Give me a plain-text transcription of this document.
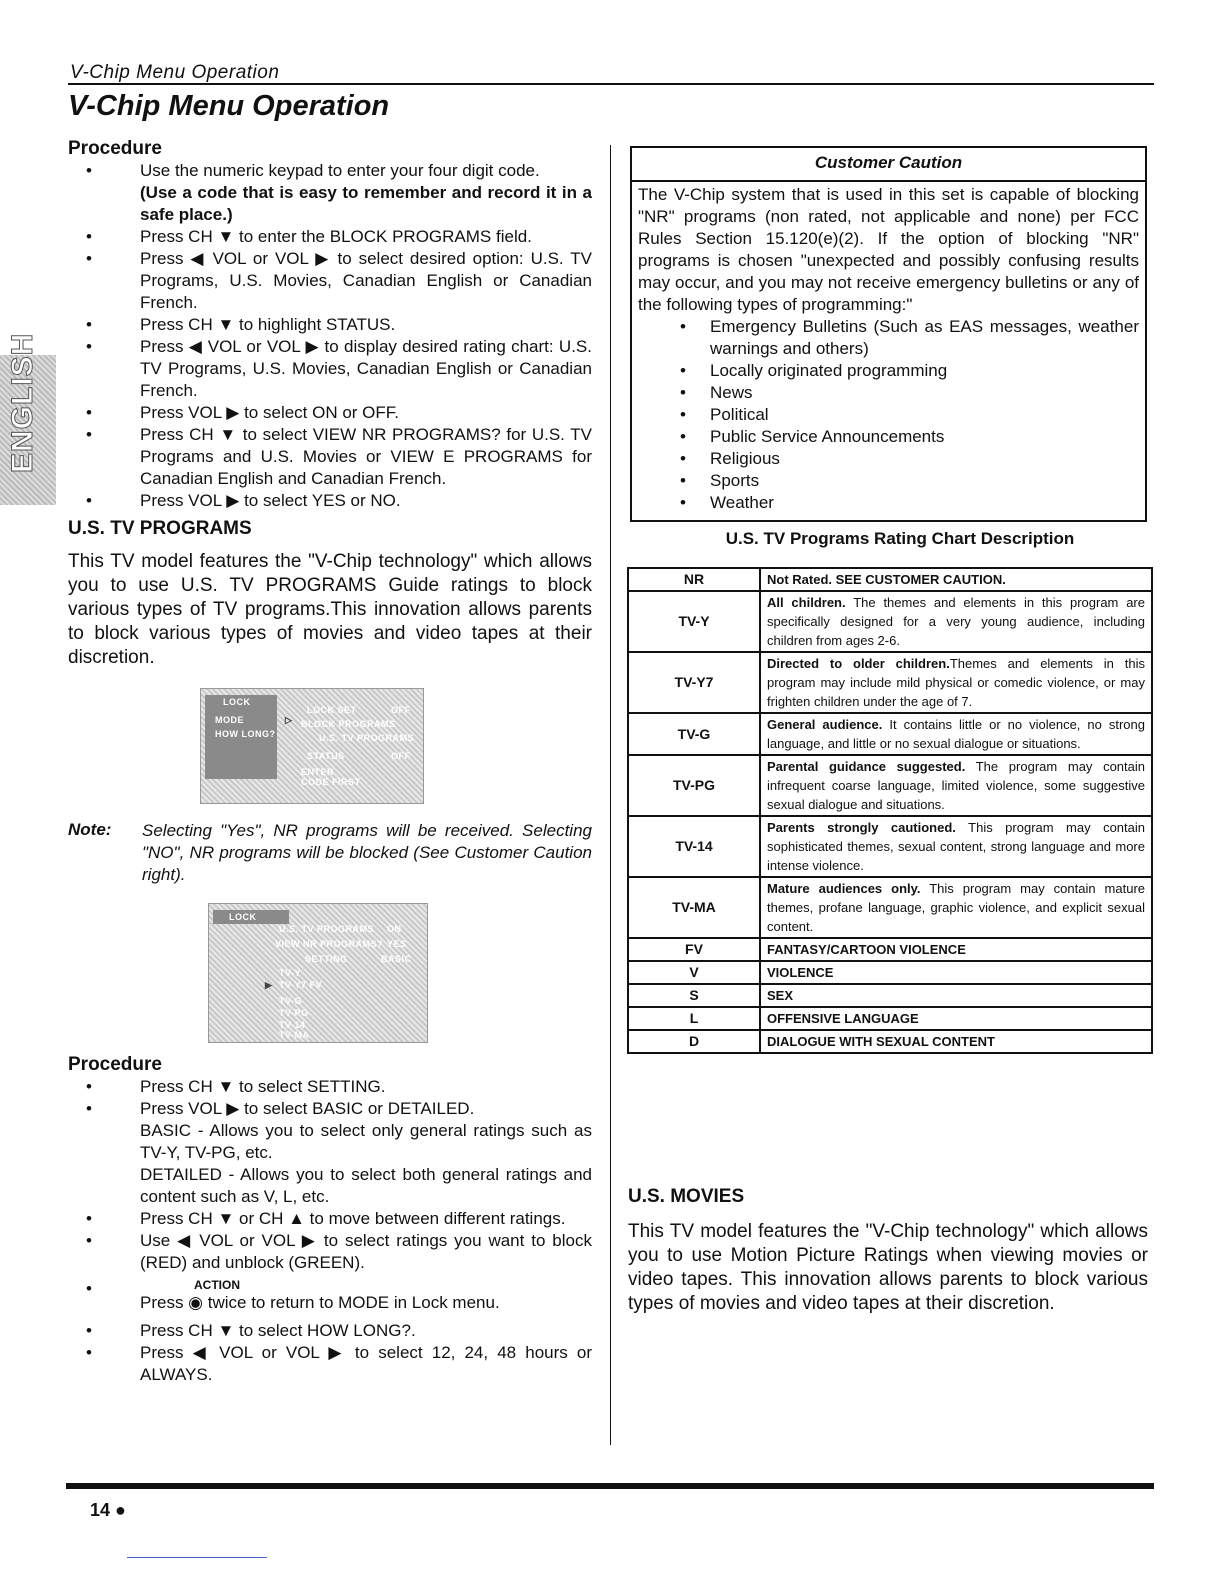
V-Chip Menu Operation
V-Chip Menu Operation
ENGLISH
Procedure
• Use the numeric keypad to enter your four digit code.
(Use a code that is easy to remember and record it in a safe place.)
• Press CH ▼ to enter the BLOCK PROGRAMS field.
• Press ◀ VOL or VOL ▶ to select desired option: U.S. TV Programs, U.S. Movies, Canadian English or Canadian French.
• Press CH ▼ to highlight STATUS.
• Press ◀ VOL or VOL ▶ to display desired rating chart: U.S. TV Programs, U.S. Movies, Canadian English or Canadian French.
• Press VOL ▶ to select ON or OFF.
• Press CH ▼ to select VIEW NR PROGRAMS? for U.S. TV Programs and U.S. Movies or VIEW E PROGRAMS for Canadian English and Canadian French.
• Press VOL ▶ to select YES or NO.
U.S. TV PROGRAMS
This TV model features the "V-Chip technology" which allows you to use U.S. TV PROGRAMS Guide ratings to block various types of TV programs.This innovation allows parents to block various types of movies and video tapes at their discretion.
LOCK
MODE
HOW LONG?
▷
LOCK SET	OFF
BLOCK PROGRAMS
U.S. TV PROGRAMS
STATUS	OFF
ENTER CODE FIRST
Note: Selecting "Yes", NR programs will be received. Selecting "NO", NR programs will be blocked (See Customer Caution right).
LOCK
U.S. TV PROGRAMS ON
VIEW NR PROGRAMS? YES
SETTING	BASIC
TV-Y
▶ TV-Y7 FV
TV-G
TV-PG
TV-14
TV-MA
Procedure
• Press CH ▼ to select SETTING.
• Press VOL ▶ to select BASIC or DETAILED.
BASIC - Allows you to select only general ratings such as TV-Y, TV-PG, etc.
DETAILED - Allows you to select both general ratings and content such as V, L, etc.
• Press CH ▼ or CH ▲ to move between different ratings.
• Use ◀ VOL or VOL ▶ to select ratings you want to block (RED) and unblock (GREEN).
• ACTION
Press ◉ twice to return to MODE in Lock menu.
• Press CH ▼ to select HOW LONG?.
• Press ◀ VOL or VOL ▶ to select 12, 24, 48 hours or ALWAYS.
Customer Caution
The V-Chip system that is used in this set is capable of blocking "NR" programs (non rated, not applicable and none) per FCC Rules Section 15.120(e)(2). If the option of blocking "NR" programs is chosen "unexpected and possibly confusing results may occur, and you may not receive emergency bulletins or any of the following types of programming:"
• Emergency Bulletins (Such as EAS messages, weather warnings and others)
• Locally originated programming
• News
• Political
• Public Service Announcements
• Religious
• Sports
• Weather
U.S. TV Programs Rating Chart Description
NR	Not Rated. SEE CUSTOMER CAUTION.
TV-Y	All children. The themes and elements in this program are specifically designed for a very young audience, including children from ages 2-6.
TV-Y7	Directed to older children.Themes and elements in this program may include mild physical or comedic violence, or may frighten children under the age of 7.
TV-G	General audience. It contains little or no violence, no strong language, and little or no sexual dialogue or situations.
TV-PG	Parental guidance suggested. The program may contain infrequent coarse language, limited violence, some suggestive sexual dialogue and situations.
TV-14	Parents strongly cautioned. This program may contain sophisticated themes, sexual content, strong language and more intense violence.
TV-MA	Mature audiences only. This program may contain mature themes, profane language, graphic violence, and explicit sexual content.
FV	FANTASY/CARTOON VIOLENCE
V	VIOLENCE
S	SEX
L	OFFENSIVE LANGUAGE
D	DIALOGUE WITH SEXUAL CONTENT
U.S. MOVIES
This TV model features the "V-Chip technology" which allows you to use Motion Picture Ratings when viewing movies or video tapes. This innovation allows parents to block various types of movies and video tapes at their discretion.
14 ●
